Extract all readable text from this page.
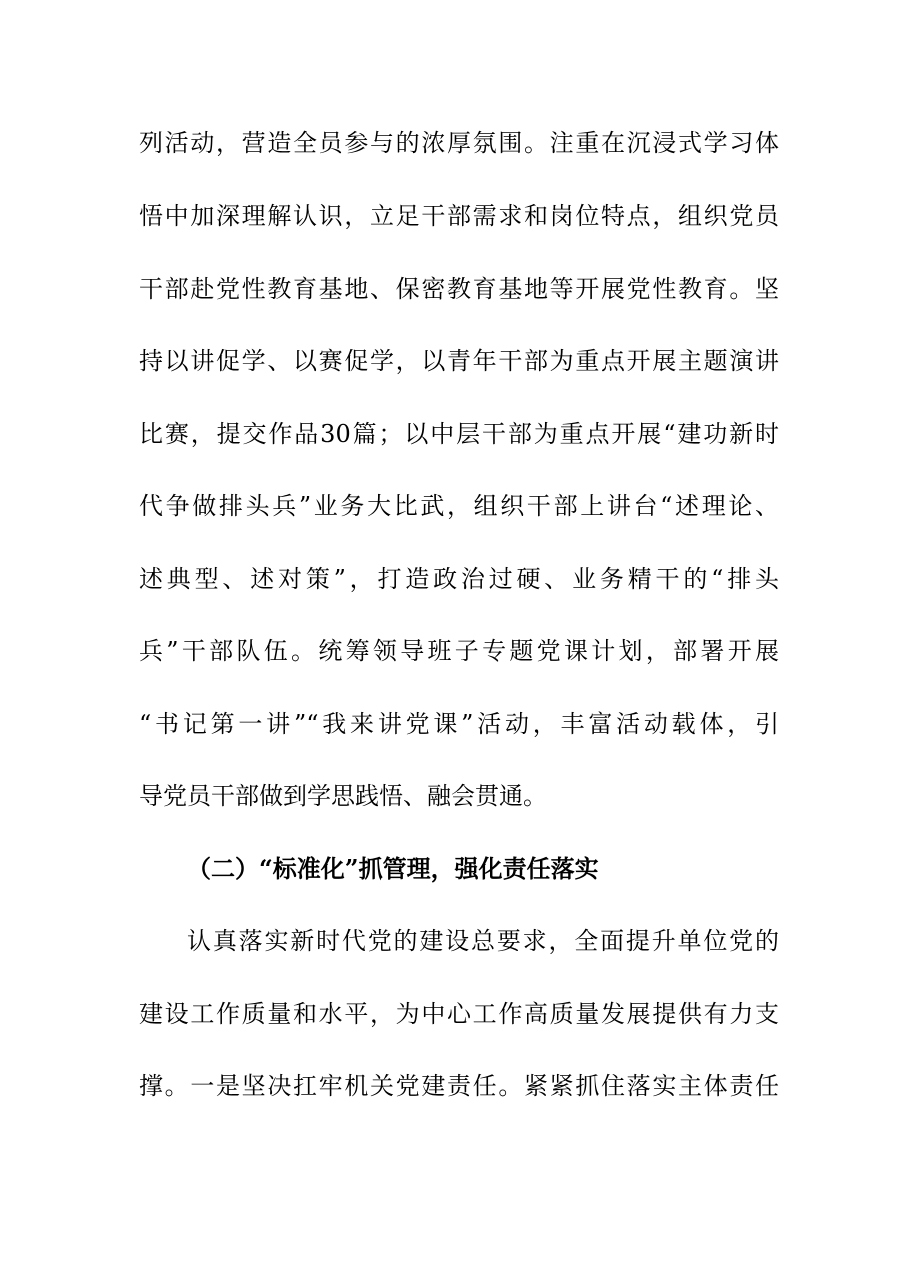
列活动，营造全员参与的浓厚氛围。注重在沉浸式学习体
悟中加深理解认识，立足干部需求和岗位特点，组织党员
干部赴党性教育基地、保密教育基地等开展党性教育。坚
持以讲促学、以赛促学，以青年干部为重点开展主题演讲
比赛，提交作品30篇；以中层干部为重点开展“建功新时
代争做排头兵”业务大比武，组织干部上讲台“述理论、
述典型、述对策”，打造政治过硬、业务精干的“排头
兵”干部队伍。统筹领导班子专题党课计划，部署开展
“书记第一讲”“我来讲党课”活动，丰富活动载体，引
导党员干部做到学思践悟、融会贯通。
（二）“标准化”抓管理，强化责任落实
认真落实新时代党的建设总要求，全面提升单位党的
建设工作质量和水平，为中心工作高质量发展提供有力支
撑。一是坚决扛牢机关党建责任。紧紧抓住落实主体责任
